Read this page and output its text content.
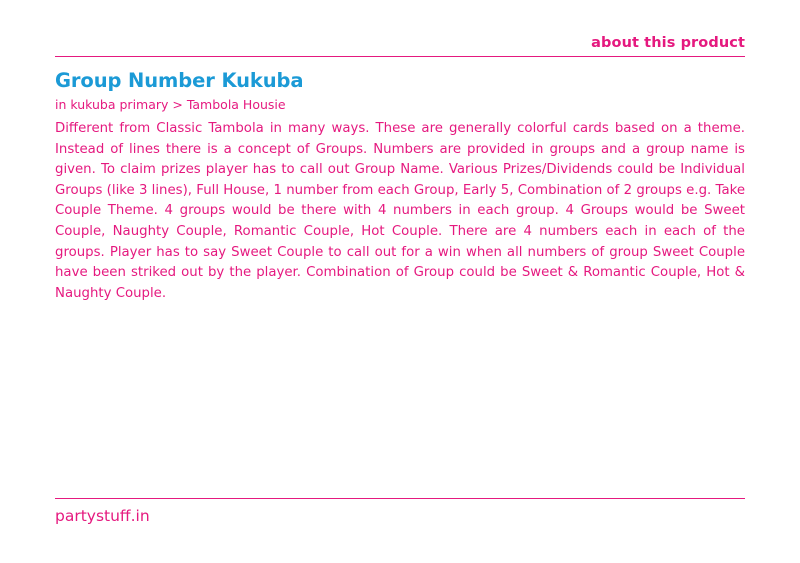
about this product
Group Number Kukuba
in kukuba primary > Tambola Housie

Different from Classic Tambola in many ways. These are generally colorful cards based on a theme. Instead of lines there is a concept of Groups. Numbers are provided in groups and a group name is given. To claim prizes player has to call out Group Name. Various Prizes/Dividends could be Individual Groups (like 3 lines), Full House, 1 number from each Group, Early 5, Combination of 2 groups e.g. Take Couple Theme. 4 groups would be there with 4 numbers in each group. 4 Groups would be Sweet Couple, Naughty Couple, Romantic Couple, Hot Couple. There are 4 numbers each in each of the groups. Player has to say Sweet Couple to call out for a win when all numbers of group Sweet Couple have been striked out by the player. Combination of Group could be Sweet & Romantic Couple, Hot & Naughty Couple.

partystuff.in
